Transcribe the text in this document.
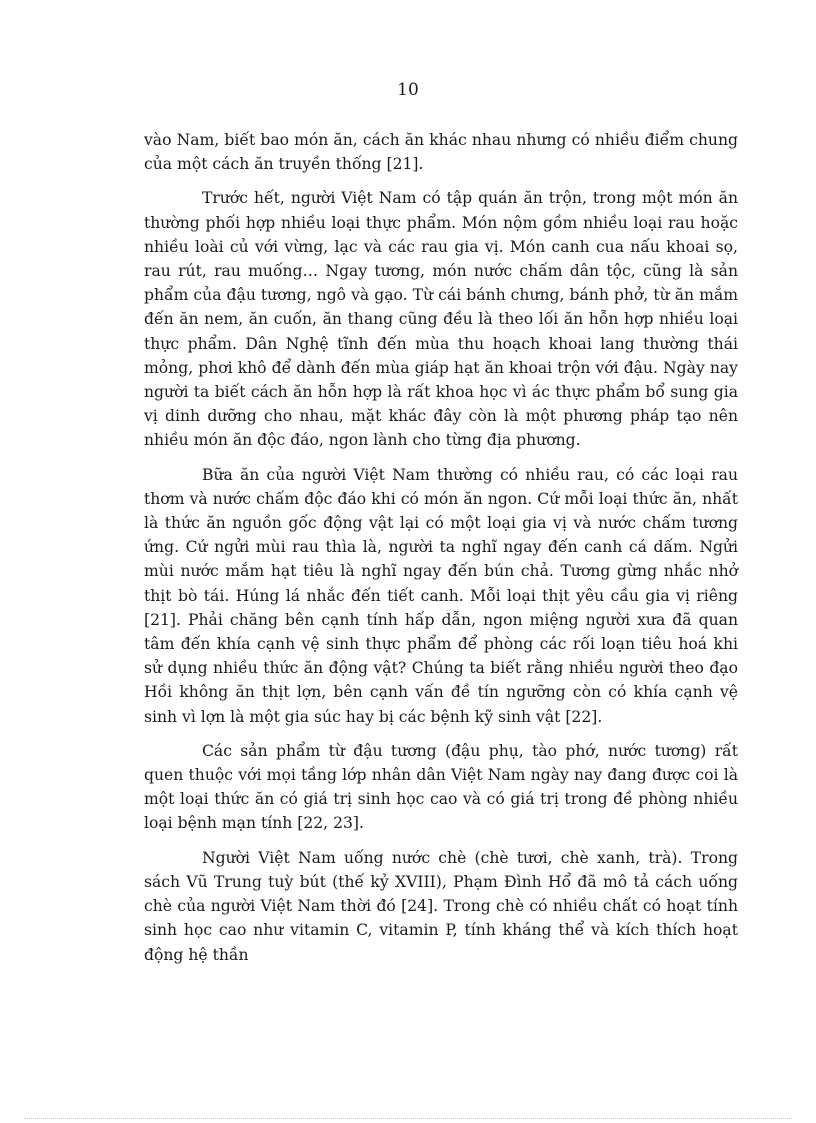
10

vào Nam, biết bao món ăn, cách ăn khác nhau nhưng có nhiều điểm chung của một cách ăn truyền thống [21].

Trước hết, người Việt Nam có tập quán ăn trộn, trong một món ăn thường phối hợp nhiều loại thực phẩm. Món nộm gồm nhiều loại rau hoặc nhiều loài củ với vừng, lạc và các rau gia vị. Món canh cua nấu khoai sọ, rau rút, rau muống… Ngay tương, món nước chấm dân tộc, cũng là sản phẩm của đậu tương, ngô và gạo. Từ cái bánh chưng, bánh phở, từ ăn mắm đến ăn nem, ăn cuốn, ăn thang cũng đều là theo lối ăn hỗn hợp nhiều loại thực phẩm. Dân Nghệ tĩnh đến mùa thu hoạch khoai lang thường thái mỏng, phơi khô để dành đến mùa giáp hạt ăn khoai trộn với đậu. Ngày nay người ta biết cách ăn hỗn hợp là rất khoa học vì ác thực phẩm bổ sung gia vị dinh dưỡng cho nhau, mặt khác đây còn là một phương pháp tạo nên nhiều món ăn độc đáo, ngon lành cho từng địa phương.

Bữa ăn của người Việt Nam thường có nhiều rau, có các loại rau thơm và nước chấm độc đáo khi có món ăn ngon. Cứ mỗi loại thức ăn, nhất là thức ăn nguồn gốc động vật lại có một loại gia vị và nước chấm tương ứng. Cứ ngửi mùi rau thìa là, người ta nghĩ ngay đến canh cá dấm. Ngửi mùi nước mắm hạt tiêu là nghĩ ngay đến bún chả. Tương gừng nhắc nhở thịt bò tái. Húng lá nhắc đến tiết canh. Mỗi loại thịt yêu cầu gia vị riêng [21]. Phải chăng bên cạnh tính hấp dẫn, ngon miệng người xưa đã quan tâm đến khía cạnh vệ sinh thực phẩm để phòng các rối loạn tiêu hoá khi sử dụng nhiều thức ăn động vật? Chúng ta biết rằng nhiều người theo đạo Hồi không ăn thịt lợn, bên cạnh vấn đề tín ngưỡng còn có khía cạnh vệ sinh vì lợn là một gia súc hay bị các bệnh kỹ sinh vật [22].

Các sản phẩm từ đậu tương (đậu phụ, tào phớ, nước tương) rất quen thuộc với mọi tầng lớp nhân dân Việt Nam ngày nay đang được coi là một loại thức ăn có giá trị sinh học cao và có giá trị trong đề phòng nhiều loại bệnh mạn tính [22, 23].

Người Việt Nam uống nước chè (chè tươi, chè xanh, trà). Trong sách Vũ Trung tuỳ bút (thế kỷ XVIII), Phạm Đình Hổ đã mô tả cách uống chè của người Việt Nam thời đó [24]. Trong chè có nhiều chất có hoạt tính sinh học cao như vitamin C, vitamin P, tính kháng thể và kích thích hoạt động hệ thần
